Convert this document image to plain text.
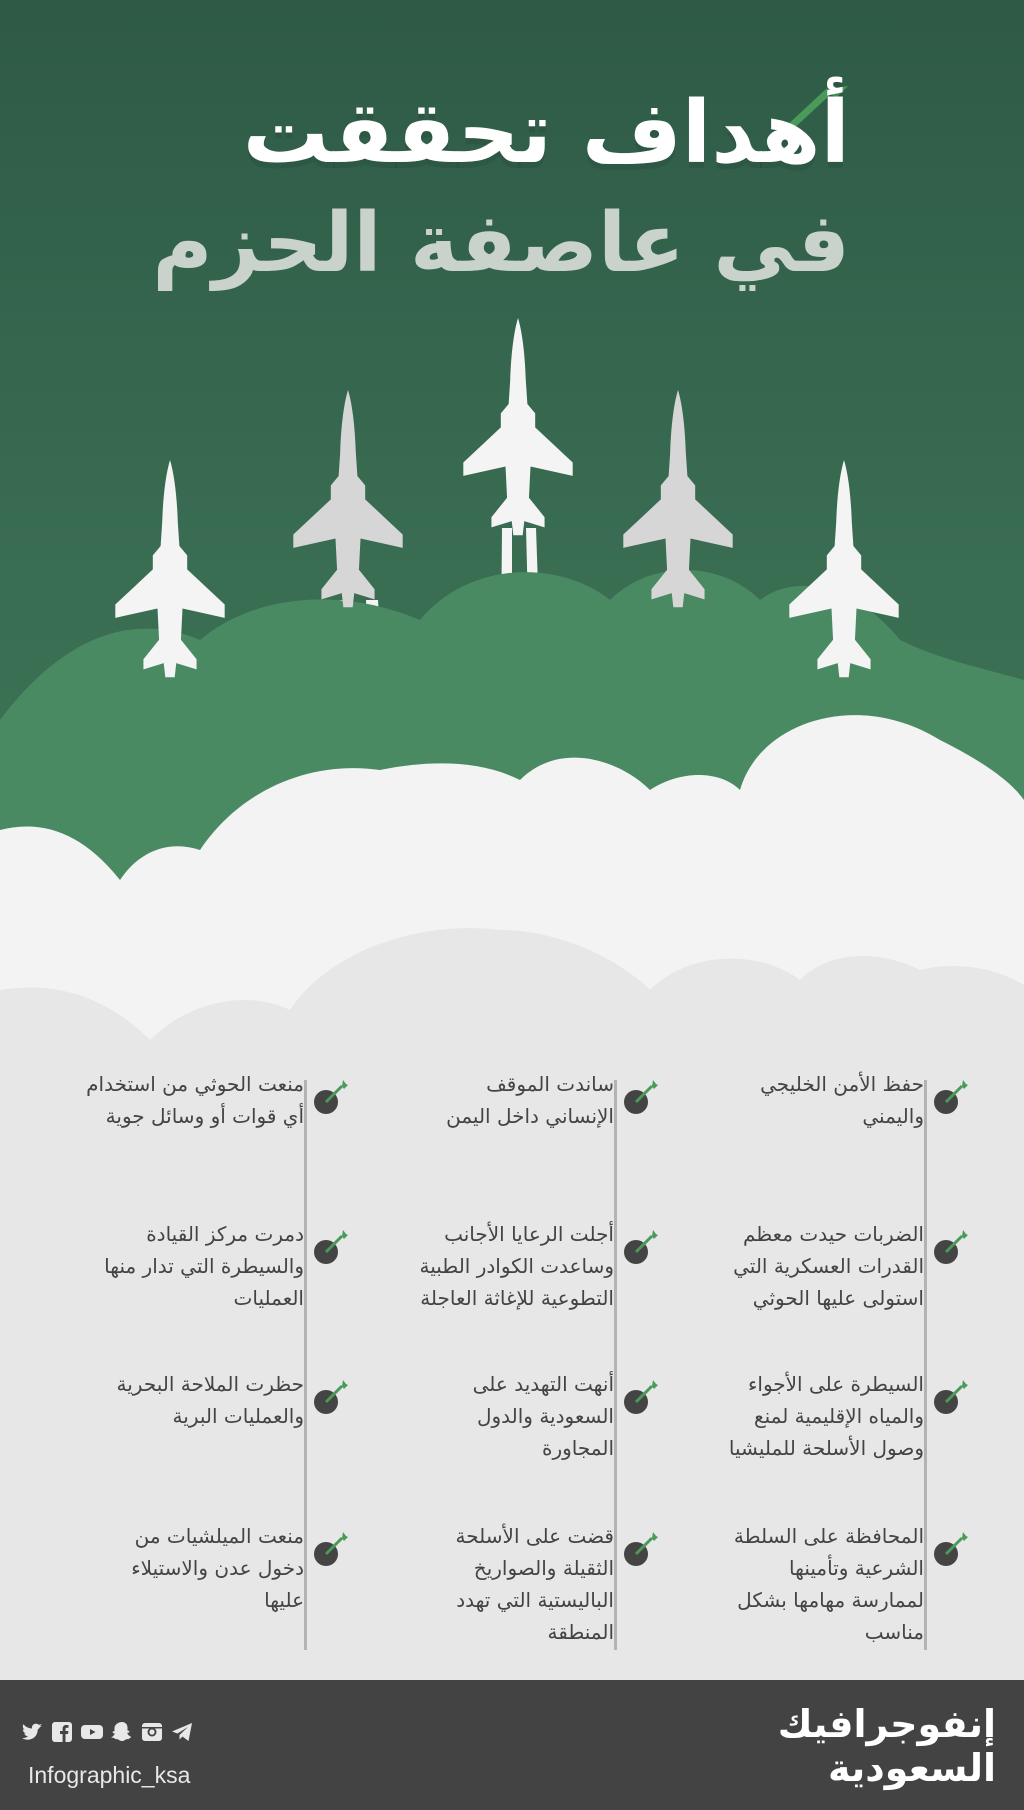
أهداف تحققت
في عاصفة الحزم
حفظ الأمن الخليجي
واليمني
الضربات حيدت معظم
القدرات العسكرية التي
استولى عليها الحوثي
السيطرة على الأجواء
والمياه الإقليمية لمنع
وصول الأسلحة للمليشيا
المحافظة على السلطة
الشرعية وتأمينها
لممارسة مهامها بشكل
مناسب
ساندت الموقف
الإنساني داخل اليمن
أجلت الرعايا الأجانب
وساعدت الكوادر الطبية
التطوعية للإغاثة العاجلة
أنهت التهديد على
السعودية والدول
المجاورة
قضت على الأسلحة
الثقيلة والصواريخ
الباليستية التي تهدد
المنطقة
منعت الحوثي من استخدام
أي قوات أو وسائل جوية
دمرت مركز القيادة
والسيطرة التي تدار منها
العمليات
حظرت الملاحة البحرية
والعمليات البرية
منعت الميلشيات من
دخول عدن والاستيلاء
عليها
Infographic_ksa
إنفوجرافيك
السعودية
